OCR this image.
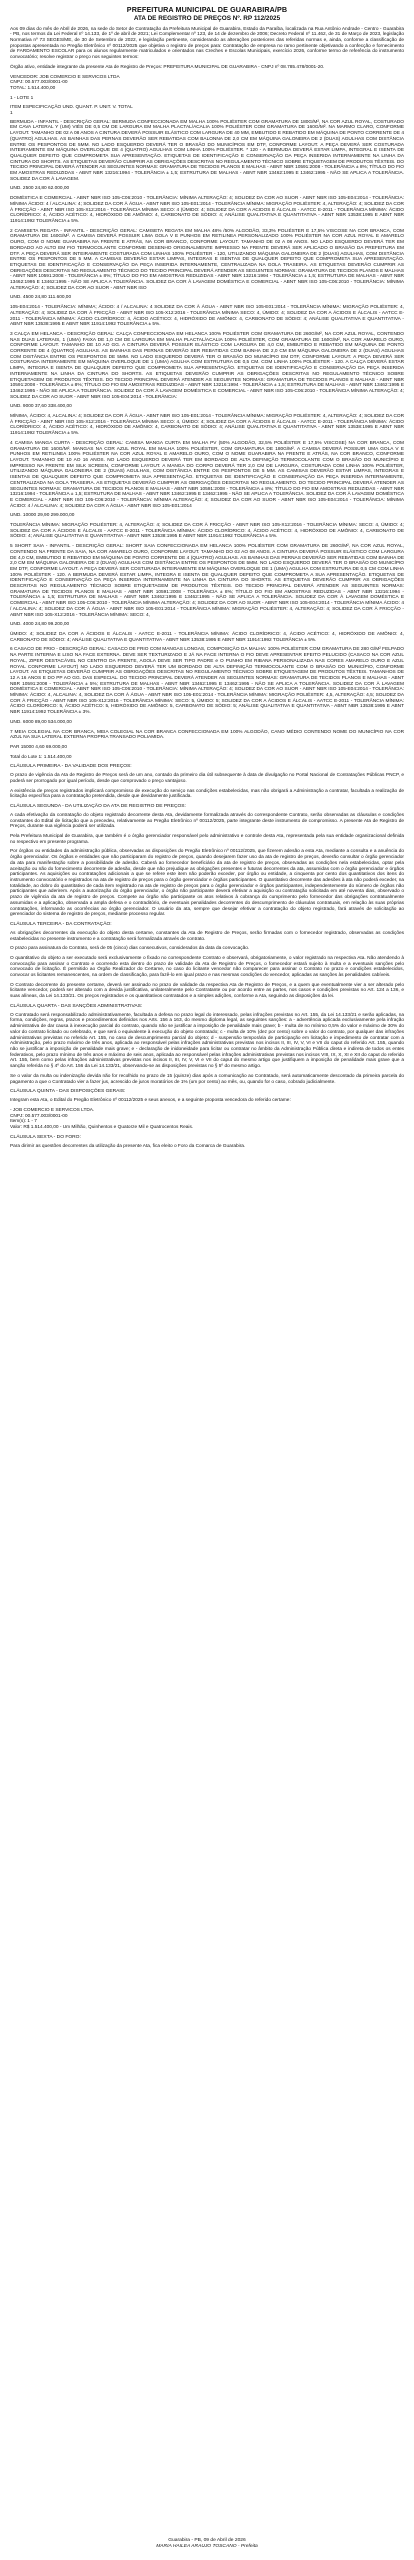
PREFEITURA MUNICIPAL DE GUARABIRA/PB
ATA DE REGISTRO DE PREÇOS Nº. RP 112/2025

Aos 09 dias do mês de Abril de 2026, na sede do Setor de Contratação da Prefeitura Municipal de Guarabira, Estado da Paraíba, localizada na Rua Antônio Andrade - Centro - Guarabira - PB, nos termos da Lei Federal nº 14.133, de 1º de abril de 2021; Lei Complementar nº 123, de 14 de dezembro de 2006; Decreto Federal nº 11.462, de 31 de Março de 2023, legislação Normativa nº 73 SEGES/ME, de 30 de Setembro de 2022, e legislação pertinente, considerando as alterações posteriores das referidas normas e, ainda, conforme a classificação de propostas apresentada no Pregão Eletrônico nº 00112/2025 que objetiva o registro de preços para: Contratação de empresa no ramo pertinente objetivando a confecção e fornecimento de FARDAMENTO ESCOLAR para os alunos regularmente matriculados e orientados nas Creches e Escolas Municipais, exercício 2026, conforme termo de referência do instrumento convocatório; resolve registrar o preço nos seguintes termos:

Órgão ativo, entidade integrante da presente Ata de Registro de Preços: PREFEITURA MUNICIPAL DE GUARABIRA - CNPJ nº 08.785.478/0001-20.

VENCEDOR: JOB COMERCIO E SERVICOS LTDA
CNPJ: 00.577.003/0001-00
TOTAL: 1.514.400,00

1 - LOTE 1

ITEM ESPECIFICAÇÃO UND. QUANT. P. UNIT. V. TOTAL

1

BERMUDA - INFANTIL - DESCRIÇÃO GERAL: BERMUDA CONFECCIONADA EM MALHA 100% POLIÉSTER COM GRAMATURA DE 180G/M², NA COR AZUL ROYAL, COSTURADO EM CAVA LATERAL Y (UM) VIÉS DE 0,5 CM DE LARGURA EM MALHA PLACTAL/ACALIA 100% POLIÉSTER COM GRAMATURA DE 160G/M². NA MARMO CLARO, CONFORME LAYOUT. TAMANHO DE 02 A 08 ANOS A CINTURA DEVERÁ POSSUIR ELÁSTICO COM LARGURA DE 40 MM, EMBUTIDO E REBATIDO EM MÁQUINA DE PONTO CORRENTE DE 4 (QUATRO) AGULHAS. AS BAINHAS DAS PERNAS DEVERÃO SER REBATIDAS COM BALONNA DE 2,0 CM EM MÁQUINA GALONEIRA DE 2 (DUAS) AGULHAS COM DISTÂNCIA ENTRE OS PESPONTOS DE 5MM. NO LADO ESQUERDO DEVERÁ TER O BRASÃO DO MUNICÍPIOS EM DTF, CONFORME LAYOUT. A PEÇA DEVERÁ SER COSTURADA INTEIRAMENTE EM MÁQUINA OVERLOQUE DE 4 (QUATRO) AGULHAS COM LINHA 100% POLIÉSTER. * 120 - A BERMUDA DEVERÁ ESTAR LIMPA, INTEGRAL E ISENTA DE QUALQUER DEFEITO QUE COMPROMETA SUA APRESENTAÇÃO. ETIQUETAS DE IDENTIFICAÇÃO E CONSERVAÇÃO DA PEÇA INSERIDA INTERNAMENTE NA LINHA DA CINTURA DO SHORTS. AS ETIQUETAS DEVERÃO CUMPRIR AS OBRIGAÇÕES DESCRITAS NO REGULAMENTO TÉCNICO SOBRE ETIQUETAGEM DE PRODUTOS TÊXTEIS. DO TECIDO PRINCIPAL DEVERÁ ATENDER AS SEGUINTES NORMAS: GRAMATURA DE TECIDOS PLANOS E MALHAS - ABNT NBR 10591:2008 - TOLERÂNCIA ± 8%; TÍTULO DO FIO EM AMOSTRAS REDUZIDAS - ABNT NBR 13216:1994 - TOLERÂNCIA ± 1,5; ESTRUTURA DE MALHAS - ABNT NBR 13462:1995 E 13462:1995 - NÃO SE APLICA A TOLERÂNCIA. SOLIDEZ DA COR À LAVAGEM.

UND. 2500 24,80 62.000,00

DOMÉSTICA E COMERCIAL - ABNT NBR ISO 105-C06:2010 - TOLERÂNCIA: MÍNIMA ALTERAÇÃO: 4; SOLIDEZ DA COR AO SUOR - ABNT NBR ISO 105-E04:2014 - TOLERÂNCIA: MÍNIMA ÁCIDO: 4 / ALCALINA: 4; SOLIDEZ DA COR À ÁGUA - ABNT NBR ISO 105-E01:2014 - TOLERÂNCIA MÍNIMA: MIGRAÇÃO POLIÉSTER: 4, ALTERAÇÃO: 4; SOLIDEZ DA COR À FRICÇÃO - ABNT NBR ISO 105-X12:2016 - TOLERÂNCIA MÍNIMA SECO: 4 (ÚMIDO: 4; SOLIDEZ DA COR A ACIDOS E ÁLCALIS - AATCC E-2011 - TOLERÂNCIA MÍNIMA: ÁCIDO CLORÍDRICO: 4, ÁCIDO ACÉTICO: 4, HIDRÓXIDO DE AMÔNIO: 4, CARBONATO DE SÓDIO: 4; ANÁLISE QUALITATIVA E QUANTITATIVA - ABNT NBR 13538:1995 E ABNT NBR 11914:1992 TOLERÂNCIA ± 5%.

2 CAMISETA REGATA - INFANTIL - DESCRIÇÃO GERAL: CAMISETA REGATA EM MALHA 48% /50% ALGODÃO, 33,3% POLIÉSTER E 17,5% VISCOSE NA COR BRANCA, COM GRAMATURA DE 160G/M². A CAMISA DEVERÁ POSSUIR LIMA GOLA V E PUNHOS EM RETILINEA PERSONALIZADO 100% POLIÉSTER NA COR AZUL ROYAL E AMARELO OURO, COM O NOME GUARABIRA NA FRENTE E ATRÁS, NA COR BRANCO, CONFORME LAYOUT. TAMANHO DE 02 A 08 ANOS. NO LADO ESQUERDO DEVERÁ TER EM BORDADO AO ALTO EM FIO TERMOCOLANTE CONFORME DESENHO ORIGINALMENTE IMPRESSO NA FRENTE DEVERÁ SER APLICADO O BRASÃO DA PREFEITURA EM DTF. A PEÇA DEVERÁ SER INTEIRAMENTE COSTURADA COM LINHAS 100% POLIÉSTER - 120, UTILIZANDO MÁQUINA GALONEIRA DE 2 (DUAS) AGULHAS, COM DISTÂNCIA ENTRE OS PESPONTOS DE 5 MM. A CAMISAS DEVERÃO ESTAR LIMPAS, INTEGRAS E ISENTAS DE QUALQUER DEFEITO QUE COMPROMETA SUA APRESENTAÇÃO. ETIQUETAS DE IDENTIFICAÇÃO E CONSERVAÇÃO DA PEÇA INSERIDA INTERNAMENTE, CENTRALIZADA NA GOLA TRASEIRA. AS ETIQUETAS DEVERÃO CUMPRIR AS OBRIGAÇÕES DESCRITAS NO REGULAMENTO TÉCNICO DO TECIDO PRINCIPAL DEVERÁ ATENDER AS SEGUINTES NORMAS: GRAMATURA DE TECIDOS PLANOS E MALHAS - ABNT NBR 10591:2008 - TOLERÂNCIA ± 8%; TÍTULO DO FIO EM AMOSTRAS REDUZIDAS - ABNT NBR 13216:1994 - TOLERÂNCIA ± 1,5; ESTRUTURA DE MALHAS - ABNT NBR 13462:1995 E 13462:1995 - NÃO SE APLICA A TOLERÂNCIA. SOLIDEZ DA COR À LAVAGEM DOMÉSTICA E COMERCIAL - ABNT NBR ISO 105-C06:2010 - TOLERÂNCIA: MÍNIMA ALTERAÇÃO: 4; SOLIDEZ DA COR AO SUOR - ABNT NBR ISO

UND. 4500 24,80 111.600,00

105-E04:2014 - TOLERÂNCIA: MÍNIMA; ÁCIDO: 4 / ALCALINA: 4 SOLIDEZ DA COR À ÁGUA - ABNT NBR ISO 105-E01:2014 - TOLERÂNCIA MÍNIMA: MIGRAÇÃO POLIÉSTER: 4, ALTERAÇÃO: 4; SOLIDEZ DA COR À FRICÇÃO - ABNT NBR ISO 105-X12:2016 - TOLERÂNCIA MÍNIMA SECO: 4, ÚMIDO: 4; SOLIDEZ DA COR A ÁCIDOS E ÁLCALIS - AATCC E-2011 - TOLERÂNCIA MÍNIMA: ÁCIDO CLORÍDRICO: 4, ÁCIDO ACÉTICO: 4, HIDRÓXIDO DE AMÔNIO: 4, CARBONATO DE SÓDIO: 4; ANÁLISE QUALITATIVA E QUANTITATIVA - ABNT NBR 13538:1995 E ABNT NBR 11914:1992 TOLERÂNCIA ± 5%.

3 CALÇA EM HELANCA - DESCRIÇÃO GERAL: CALÇA CONFECCIONADA EM HELANCA 100% POLIÉSTER COM GRAMATURA DE 260G/M², NA COR AZUL ROYAL, CONTENDO NAS DUAS LATERAIS, 1 (UMA) FAIXA DE 1,0 CM DE LARGURA EM MALHA PLACTAL/ACALIA 100% POLIÉSTER, COM GRAMATURA DE 160G/M², NA COR AMARELO OURO, CONFORME LAYOUT. TAMANHO DE 10 AO GG. A CINTURA DEVERÁ POSSUIR ELÁSTICO COM LARGURA DE 4,0 CM, EMBUTIDO E REBATIDO EM MÁQUINA DE PONTO CORRENTE DE 4 (QUATRO) AGULHAS. AS BAINHAS DAS PERNAS DEVERÃO SER REBATIDAS COM BAINHA DE 2,0 CM EM MÁQUINA GALONEIRA DE 2 (DUAS) AGULHAS COM DISTÂNCIA ENTRE OS PESPONTOS DE 5MM. NO LADO ESQUERDO DEVERÁ TER O BRASÃO DO MUNICÍPIO EM DTF, CONFORME LAYOUT. A PEÇA DEVERÁ SER COSTURADA INTEIRAMENTE EM MÁQUINA OVERLOQUE DE 1 (UMA) AGULHA COM ESTRUTURA DE 0,5 CM. COM LINHA 100% POLIÉSTER - 120. A CALÇA DEVERÁ ESTAR LIMPA, INTEGRA E ISENTA DE QUALQUER DEFEITO QUE COMPROMETA SUA APRESENTAÇÃO. ETIQUETAS DE IDENTIFICAÇÃO E CONSERVAÇÃO DA PEÇA INSERIDA INTERNAMENTE NA LINHA DA CINTURA DO SHORTS. AS ETIQUETAS DEVERÃO CUMPRIR AS OBRIGAÇÕES DESCRITAS NO REGULAMENTO TÉCNICO SOBRE ETIQUETAGEM DE PRODUTOS TÊXTEIS. DO TECIDO PRINCIPAL DEVERÁ ATENDER AS SEGUINTES NORMAS: GRAMATURA DE TECIDOS PLANOS E MALHAS - ABNT NBR 10591:2008 - TOLERÂNCIA ± 8%; TÍTULO DO FIO EM AMOSTRAS REDUZIDAS - ABNT NBR 13216:1994 - TOLERÂNCIA ± 1,5; ESTRUTURA DE MALHAS - ABNT NBR 13462:1995 E 13462:1995 - NÃO SE APLICA A TOLERÂNCIA. SOLIDEZ DA COR À LAVAGEM DOMÉSTICA E COMERCIAL - ABNT NBR ISO 105-C06:2010 - TOLERÂNCIA MÍNIMA ALTERAÇÃO: 4; SOLIDEZ DA COR AO SUOR - ABNT NBR ISO 105-E04:2014 - TOLERÂNCIA:

UND. 9000 37,60 338.400,00

MÍNIMA, ÁCIDO: 4, ALCALINA: 4; SOLIDEZ DA COR À ÁGUA - ABNT NBR ISO 105-E01:2014 - TOLERÂNCIA MÍNIMA: MIGRAÇÃO POLIÉSTER: 4, ALTERAÇÃO: 4; SOLIDEZ DA COR À FRICÇÃO - ABNT NBR ISO 105-X12:2016 - TOLERÂNCIA MÍNIMA SECO: 4, ÚMIDO: 4; SOLIDEZ DA COR A ÁCIDOS E ÁLCALIS - AATCC E-2011 - TOLERÂNCIA MÍNIMA: ÁCIDO CLORÍDRICO: 4, ÁCIDO ACÉTICO: 4, HIDRÓXIDO DE AMÔNIO: 4, CARBONATO DE SÓDIO: 4; ANÁLISE QUALITATIVA E QUANTITATIVA - ABNT NBR 13538:1995 E ABNT NBR 11914:1992 TOLERÂNCIA ± 5%.

4 CAMISA MANGA CURTA - DESCRIÇÃO GERAL: CAMISA MANGA CURTA EM MALHA PV (50% ALGODÃO, 32,5% POLIÉSTER E 17,5% VISCOSE) NA COR BRANCA, COM GRAMATURA DE 160G/M². MANGAS NA COR AZUL ROYAL EM MALHA 100% POLIÉSTER, COM GRAMATURA DE 180G/M². A CAMISA DEVERÁ POSSUIR UMA GOLA V E PUNHOS EM RETILINEA 100% POLIÉSTER NA COR AZUL ROYAL E AMARELO OURO, COM O NOME GUARABIRA NA FRENTE E ATRÁS, NA COR BRANCO, CONFORME LAYOUT. TAMANHO DE 10 AO 16 ANOS. NO LADO ESQUERDO DEVERÁ TER EM BORDADO DE ALTA DEFINIÇÃO TERMOCOLANTE COM O BRASÃO DO MUNICÍPIO E IMPRESSO NA FRENTE EM SILK SCREEN, CONFORME LAYOUT. A MANGA DO CORPO DEVERÁ TER 2,0 CM DE LARGURA, COSTURADA COM LINHA 100% POLIÉSTER, UTILIZANDO MÁQUINA GALONEIRA DE 2 (DUAS) AGULHAS, COM DISTÂNCIA ENTRE OS PESPONTOS DE 5 MM. AS CAMISAS DEVERÃO ESTAR LIMPAS, INTEGRAS E ISENTAS DE QUALQUER DEFEITO QUE COMPROMETA SUA APRESENTAÇÃO. ETIQUETAS DE IDENTIFICAÇÃO E CONSERVAÇÃO DA PEÇA INSERIDA INTERNAMENTE, CENTRALIZADA NA GOLA TRASEIRA. AS ETIQUETAS DEVERÃO CUMPRIR AS OBRIGAÇÕES DESCRITAS NO REGULAMENTO. DO TECIDO PRINCIPAL DEVERÁ ATENDER AS SEGUINTES NORMAS: GRAMATURA DE TECIDOS PLANOS E MALHAS - ABNT NBR 10591:2008 - TOLERÂNCIA ± 8%; TÍTULO DO FIO EM AMOSTRAS REDUZIDAS - ABNT NBR 13216:1994 - TOLERÂNCIA ± 1,5; ESTRUTURA DE MALHAS - ABNT NBR 13462:1995 E 13462:1995 - NÃO SE APLICA A TOLERÂNCIA. SOLIDEZ DA COR À LAVAGEM DOMÉSTICA E COMERCIAL - ABNT NBR ISO 105-C06:2010 - TOLERÂNCIA: MÍNIMA ALTERAÇÃO: 4; SOLIDEZ DA COR AO SUOR - ABNT NBR ISO 105-E04:2014 - TOLERÂNCIA: MÍNIMA ÁCIDO: 4 / ALCALINA: 4; SOLIDEZ DA COR A ÁGUA - ABNT NBR ISO 105-E01:2014

UND. 10000 29,90 299.000,00

TOLERÂNCIA MÍNIMA: MIGRAÇÃO POLIÉSTER: 4, ALTERAÇÃO: 4; SOLIDEZ DA COR À FRICÇÃO - ABNT NBR ISO 105-X12:2016 - TOLERÂNCIA MÍNIMA: SECO: 4, ÚMIDO: 4; SOLIDEZ DA COR A ÁCIDOS E ÁLCALIS - AATCC E-2011 - TOLERÂNCIA MÍNIMA: ÁCIDO CLORÍDRICO: 4, ÁCIDO ACÉTICO: 4, HIDRÓXIDO DE AMÔNIO: 4, CARBONATO DE SÓDIO: 4; ANÁLISE QUALITATIVA E QUANTITATIVA - ABNT NBR 13538:1995 E ABNT NBR 11914:1992 TOLERÂNCIA ± 5%.

5 SHORT SAIA - INFANTIL - DESCRIÇÃO GERAL: SHORT SAIA CONFECCIONADA EM HELANCA 100% POLIÉSTER COM GRAMATURA DE 260G/M², NA COR AZUL ROYAL, CONTENDO NA FRENTE DA SAIA, NA COR AMARELO OURO, CONFORME LAYOUT. TAMANHO DO 02 AO 08 ANOS. A CINTURA DEVERÁ POSSUIR ELÁSTICO COM LARGURA DE 4,0 CM, EMBUTIDO E REBATIDO EM MÁQUINA DE PONTO CORRENTE DE 4 (QUATRO) AGULHAS. AS BAINHAS DAS PERNAS DEVERÃO SER REBATIDAS COM BAINHA DE 2,0 CM EM MÁQUINA GALONEIRA DE 2 (DUAS) AGULHAS COM DISTÂNCIA ENTRE OS PESPONTOS DE 5MM. NO LADO ESQUERDO DEVERÁ TER O BRASÃO DO MUNICÍPIO EM DTF, CONFORME LAYOUT. A PEÇA DEVERÁ SER COSTURADA INTEIRAMENTE EM MÁQUINA OVERLOQUE DE 1 (UMA) AGULHA COM ESTRUTURA DE 0,5 CM COM LINHA 100% POLIÉSTER - 120. A BERMUDA DEVERÁ ESTAR LIMPA, INTEGRA E ISENTA DE QUALQUER DEFEITO QUE COMPROMETA A SUA APRESENTAÇÃO. ETIQUETAS DE IDENTIFICAÇÃO E CONSERVAÇÃO DA PEÇA INSERIDA INTERNAMENTE NA LINHA DA CINTURA DO SHORTS. AS ETIQUETAS DEVERÃO CUMPRIR AS OBRIGAÇÕES DESCRITAS NO REGULAMENTO TÉCNICO SOBRE ETIQUETAGEM DE PRODUTOS TÊXTEIS. DO TECIDO PRINCIPAL DEVERÁ ATENDER AS SEGUINTES NORMAS: GRAMATURA DE TECIDOS PLANOS E MALHAS - ABNT NBR 10591:2008 - TOLERÂNCIA ± 8%; TÍTULO DO FIO EM AMOSTRAS REDUZIDAS - ABNT NBR 13216:1994 - TOLERÂNCIA ± 1,5; ESTRUTURA DE MALHAS - ABNT NBR 13462:1995 E 13462:1995 - NÃO SE APLICA A TOLERÂNCIA. SOLIDEZ DA COR À LAVAGEM DOMÉSTICA E COMERCIAL - ABNT NBR ISO 105-C06:2010 - TOLERÂNCIA MÍNIMA ALTERAÇÃO: 4; SOLIDEZ DA COR AO SUOR - ABNT NBR ISO 105-E04:2014 - TOLERÂNCIA MÍNIMA ÁCIDO: 4 / ALCALINA: 4; SOLIDEZ DA COR À ÁGUA - ABNT NBR ISO 105-E01:2014 - TOLERÂNCIA MÍNIMA: MIGRAÇÃO POLIÉSTER: 4, ALTERAÇÃO: 4; SOLIDEZ DA COR À FRICÇÃO - ABNT NBR ISO 105-X12:2016 - TOLERÂNCIA MÍNIMA: SECO: 4,

UND. 4000 24,80 99.200,00

ÚMIDO: 4; SOLIDEZ DA COR A ÁCIDOS E ÁLCALIS - AATCC E-2011 - TOLERÂNCIA MÍNIMA: ÁCIDO CLORÍDRICO: 4, ÁCIDO ACÉTICO: 4, HIDRÓXIDO DE AMÔNIO: 4, CARBONATO DE SÓDIO: 4; ANÁLISE QUALITATIVA E QUANTITATIVA - ABNT NBR 13538:1995 E ABNT NBR 11914:1992 TOLERÂNCIA ± 5%.

6 CASACO DE FRIO - DESCRIÇÃO GERAL: CASACO DE FRIO COM MANGAS LONGAS, COMPOSIÇÃO DA MALHA: 100% POLIÉSTER COM GRAMATURA DE 280 G/M² FELPADO NA PARTE INTERNA E LISO NA FACE EXTERNA. DEVE SER TEXTURIZADO E JÁ NA FACE INTERNA O FIO DEVE APRESENTAR EFEITO PELUCIDO (CASACO NA COR AZUL ROYAL, ZIPER DESTACÁVEL NO CENTRO DA FRENTE, AGOLA DEVE SER TIPO PADRE e O PUNHO EM RIBANA PERSONALIZADA NAS CORES AMARELO OURO E AZUL ROYAL CONFORME LAYOUT) NO LADO ESQUERDO DEVERÁ TER UM BORDADO DE ALTA DEFINIÇÃO TERMOCOLANTE COM O BRASÃO DO MUNICÍPIO, CONFORME LAYOUT. AS ETIQUETAS DEVERÃO CUMPRIR AS OBRIGAÇÕES DESCRITAS NO REGULAMENTO TÉCNICO SOBRE ETIQUETAGEM DE PRODUTOS TÊXTEIS. TAMANHOS DE 12 A 16 ANOS E DO PP AO GG. DAS ESPECIAL. DO TECIDO PRINCIPAL DEVERÁ ATENDER AS SEGUINTES NORMAS: GRAMATURA DE TECIDOS PLANOS E MALHAS - ABNT NBR 10591:2008 - TOLERÂNCIA ± 5%; ESTRUTURA DE MALHAS - ABNT NBR 13462:1995 E 13462:1995 - NÃO SE APLICA A TOLERÂNCIA. SOLIDEZ DA COR À LAVAGEM DOMÉSTICA E COMERCIAL - ABNT NBR ISO 105-C06:2010 - TOLERÂNCIA: MÍNIMA ALTERAÇÃO: 4; SOLIDEZ DA COR AO SUOR - ABNT NBR ISO 105-E04:2014 - TOLERÂNCIA: MÍNIMA: ÁCIDO: 4, ALCALINA: 4, SOLIDEZ DA COR À ÁGUA - ABNT NBR ISO 105-E01:2014 - TOLERÂNCIA MÍNIMA: MIGRAÇÃO POLIÉSTER: 4,5, ALTERAÇÃO: 4,5; SOLIDEZ DA COR À FRICÇÃO - ABNT NBR ISO 105-X12:2016 - TOLERÂNCIA MÍNIMA: SECO: 5, ÚMIDO: 5; SOLIDEZ DA COR A ÁCIDOS E ÁLCALIS - AATCC E-2011 - TOLERÂNCIA MÍNIMA: ÁCIDO CLORÍDRICO: 5, ÁCIDO ACÉTICO: 5, HIDRÓXIDO DE AMÔNIO: 5, CARBONATO DE SÓDIO: 5; ANÁLISE QUALITATIVA E QUANTITATIVA - ABNT NBR 13538:1995 E ABNT NBR 11914:1992 TOLERÂNCIA ± 3%.

UND. 6000 89,00 534.000,00

7 MEIA COLEGIAL NA COR BRANCA, MEIA COLEGIAL NA COR BRANCA CONFECCIONADA EM 100% ALGODÃO, CANO MÉDIO CONTENDO NOME DO MUNICÍPIO NA COR AZUL NA SUA LATERAL EXTERNA PROPRIA TRANSADO POLIAMIDA.

PAR 15000 4,60 69.000,00

Total do Lote 1: 1.514.400,00

CLÁUSULA PRIMEIRA - DA VALIDADE DOS PREÇOS:

O prazo de vigência da Ata de Registro de Preços será de um ano, contado da primeiro dia útil subsequente à data de divulgação no Portal Nacional de Contratações Públicas PNCP, e poderá ser prorrogado por igual período, desde que comprovado o preço vantajoso.

A existência de preços registrados implicará compromisso de execução do serviço nas condições estabelecidas, mas não obrigará a Administração a contratar, facultada a realização de licitação específica para a contratação pretendida, desde que devidamente justificada.

CLÁUSULA SEGUNDA - DA UTILIZAÇÃO DA ATA DE REGISTRO DE PREÇOS:

A cada efetivação da contratação do objeto registrado decorrente desta Ata, devidamente formalizada através do correspondente Contrato, serão observadas as cláusulas e condições constantes do Edital de licitação que a precedeu, relativamente ao Pregão Eletrônico nº 00112/2025, parte integrante deste instrumento de compromisso. A presente Ata de Registro de Preços, durante sua vigência poderá ser utilizada.

Pela Prefeitura Municipal de Guarabira, que também é o órgão gerenciador responsável pelo administrativo e controle desta Ata, representada pela sua entidade organizacional definida no respectivo em presente programa.

Por órgãos ou entidades da administração pública, observadas as disposições do Pregão Eletrônico nº 00112/2025, que fizerem adesão a esta Ata, mediante a consulta e a anuência do órgão gerenciador. Os órgãos e entidades que não participaram do registro de preços, quando desejarem fazer uso da ata de registro de preços, deverão consultar o órgão gerenciador da ata para manifestação sobre a possibilidade de adesão. Caberá ao fornecedor beneficiário da ata de registro de preços, observadas as condições nela estabelecidas, optar pela aceitação ou não do fornecimento decorrente de adesão, desde que não prejudique as obrigações presentes e futuras decorrentes da ata, assumidas com o órgão gerenciador e órgãos participantes. As aquisições ou contratações adicionais a que se refere este item não poderão exceder, por órgão ou entidade, a cinquenta por cento dos quantitativos dos itens do instrumento convocatório e registrados na ata de registro de preços para o órgão gerenciador e órgãos participantes. O quantitativo decorrente das adesões à ata não poderá exceder, na totalidade, ao dobro do quantitativo de cada item registrado na ata de registro de preços para o órgão gerenciador e órgãos participantes, independentemente do número de órgãos não participantes que aderirem. Após a autorização do órgão gerenciador, o órgão não participante deverá efetivar a aquisição ou contratação solicitada em até noventa dias, observado o prazo de vigência da ata de registro de preços. Compete ao órgão não participante os atos relativos à cobrança do cumprimento pelo fornecedor das obrigações contratualmente assumidas e a aplicação, observada a ampla defesa e o contraditório, de eventuais penalidades decorrentes do descumprimento de cláusulas contratuais, em relação às suas próprias contratações, informando as ocorrências ao órgão gerenciador. O usuário da ata, sempre que desejar efetivar a contratação do objeto registrado, fará através de solicitação ao gerenciador do sistema de registro de preços, mediante processo regular.

CLÁUSULA TERCEIRA - DA CONTRATAÇÃO:

As obrigações decorrentes da execução do objeto desta certame, constantes da Ata de Registro de Preços, serão firmadas com o fornecedor registrado, observadas as condições estabelecidas no presente instrumento e a contratação será formalizada através de contrato.

O prazo para assinatura do Contrato, será de 05 (cinco) dias consecutivos, considerados da data da convocação.

O quantitativo do objeto a ser executado será exclusivamente o fixado no correspondente Contrato e observará, obrigatoriamente, o valor registrado na respectiva Ata. Não atendendo à convocação para assinar o Contrato e ocorrendo esta dentro do prazo de validade da Ata de Registro de Preços, o fornecedor estará sujeito à multa e a eventuais sanções pelo convocado de licitação. É permitido ao Órgão Realizador do Certame, no caso do licitante vencedor não comparecer para assinar o Contrato no prazo e condições estabelecidos, convocar os licitantes remanescentes, na ordem de classificação, para fazê-lo em igual prazo e nas mesmas condições do vencedor, aplicadas as sanções às penalidades cabíveis.

O Contrato decorrente do presente certame, deverá ser assinado no prazo de validade da respectiva Ata de Registro de Preços, e a quem que eventualmente vier a ser alterado pelo licitante vencedor, poderá ser alterado com a devida justificativa, unilateralmente pelo Contratante ou por acordo entre as partes, nos casos e condições previstas no Art. 124 a 136, e suas alíneas, da Lei 14.133/21. Os preços registrados e os quantitativos contratados e a simples adições, conforme a Ata, seguindo as disposições da lei.

CLÁUSULA QUARTA - DAS SANÇÕES ADMINISTRATIVAS:

O Contratado será responsabilizado administrativamente, facultada a defesa no prazo legal do interessado, pelas infrações previstas no Art. 155, da Lei 14.133/21 e serão aplicadas, na forma, condições, regras, prazos e procedimentos definidos nos Arts. 156 a 163, do mesmo diploma legal, as seguintes sanções: a - advertência aplicada exclusivamente pela infração administrativa de dar causa à inexecução parcial do contrato, quando não se justificar a imposição de penalidade mais grave; b - multa de no mínimo 0,5% do valor e máximo de 30% do valor do contrato licitado ou celebrado, e que será o equivalente à execução do objeto contratado; c - multa de 10% (dez por cento) sobre o valor do contrato, por qualquer das infrações administrativas previstas no referido Art. 155, no caso de descumprimento parcial do objeto; d - suspensão temporária de participação em licitação e impedimento de contratar com a Administração, pelo prazo máximo de três anos, aplicada ao responsável pelas infrações administrativas previstas nos incisos II, III, IV, V, VI e VII do caput do referido Art. 155, quando não se justificar a imposição de penalidade mais grave; e - declaração de inidoneidade para licitar ou contratar no âmbito da Administração Pública direta e indireta de todos os entes federativos, pelo prazo mínimo de três anos e máximo de seis anos, aplicada ao responsável pelas infrações administrativas previstas nos incisos VIII, IX, X, XI e XII do caput do referido Art. 155, bem como pelas infrações administrativas previstas nos incisos II, III, IV, V, VI e VII do caput do mesmo artigo que justifiquem a imposição de penalidade mais grave que a sanção referida no § 4º do Art. 156 da Lei 14.133/21, observando-se as disposições previstas no § 5º do mesmo artigo.

Se o valor da multa ou indenização devida não for recolhido no prazo de 15 (quinze) dias após a comunicação ao Contratado, será automaticamente descontado da primeira parcela do pagamento a que o Contratado vier a fazer jus, acrescido de juros moratórios de 1% (um por cento) ao mês, ou, quando for o caso, cobrado judicialmente.

CLÁUSULA QUINTA - DAS DISPOSIÇÕES GERAIS:

Integram esta Ata, o Edital do Pregão Eletrônico nº 00112/2025 e seus anexos, e a seguinte proposta vencedora do referido certame:

- JOB COMERCIO E SERVICOS LTDA.
CNPJ: 00.577.003/0001-00
Item(s): 1 - 7
Valor: R$ 1.514.400,00 - Um Milhão, Quinhentos e Quatorze Mil e Quatrocentos Reais.

CLÁUSULA SEXTA - DO FORO:

Para dirimir as questões decorrentes da utilização da presente Ata, fica eleito o Foro da Comarca de Guarabira.

Guarabira - PB, 09 de Abril de 2026
MARIA HAILEA ARAUJO TOSCANO - Prefeita
